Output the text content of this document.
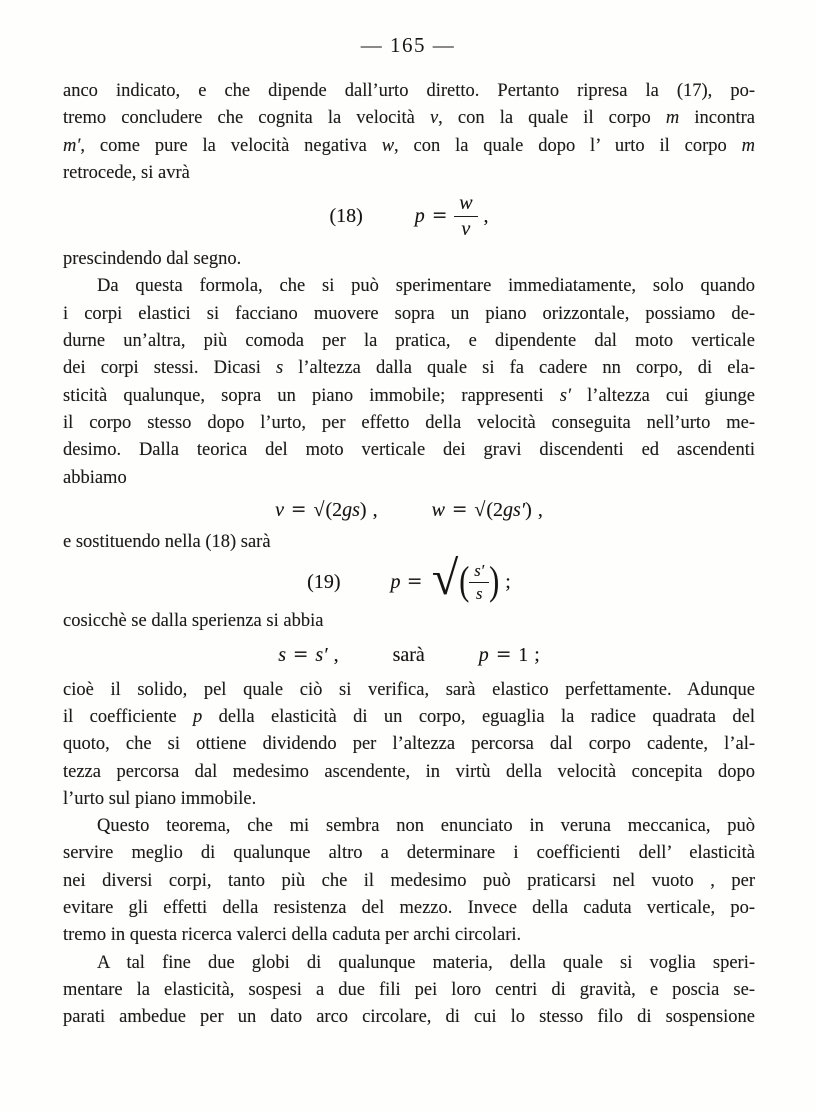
— 165 —
anco indicato, e che dipende dall’urto diretto. Pertanto ripresa la (17), po-
tremo concludere che cognita la velocità v, con la quale il corpo m incontra
m′, come pure la velocità negativa w, con la quale dopo l’ urto il corpo m
retrocede, si avrà
(18)	$p = \frac{w}{v}$ ,
prescindendo dal segno.
Da questa formola, che si può sperimentare immediatamente, solo quando
i corpi elastici si facciano muovere sopra un piano orizzontale, possiamo de-
durne un’altra, più comoda per la pratica, e dipendente dal moto verticale
dei corpi stessi. Dicasi s l’altezza dalla quale si fa cadere nn corpo, di ela-
sticità qualunque, sopra un piano immobile; rappresenti s′ l’altezza cui giunge
il corpo stesso dopo l’urto, per effetto della velocità conseguita nell’urto me-
desimo. Dalla teorica del moto verticale dei gravi discendenti ed ascendenti
abbiamo
v = √ (2 gs ) ,	w = √ (2 gs′ ) ,
e sostituendo nella (18) sarà
(19)	p = √ ( $\frac{s'}{s}$ ) ;
cosicchè se dalla sperienza si abbia
s = s′ ,	sarà	p = 1 ;
cioè il solido, pel quale ciò si verifica, sarà elastico perfettamente. Adunque
il coefficiente p della elasticità di un corpo, eguaglia la radice quadrata del
quoto, che si ottiene dividendo per l’altezza percorsa dal corpo cadente, l’al-
tezza percorsa dal medesimo ascendente, in virtù della velocità concepita dopo
l’urto sul piano immobile.
Questo teorema, che mi sembra non enunciato in veruna meccanica, può
servire meglio di qualunque altro a determinare i coefficienti dell’ elasticità
nei diversi corpi, tanto più che il medesimo può praticarsi nel vuoto , per
evitare gli effetti della resistenza del mezzo. Invece della caduta verticale, po-
tremo in questa ricerca valerci della caduta per archi circolari.
A tal fine due globi di qualunque materia, della quale si voglia speri-
mentare la elasticità, sospesi a due fili pei loro centri di gravità, e poscia se-
parati ambedue per un dato arco circolare, di cui lo stesso filo di sospensione
